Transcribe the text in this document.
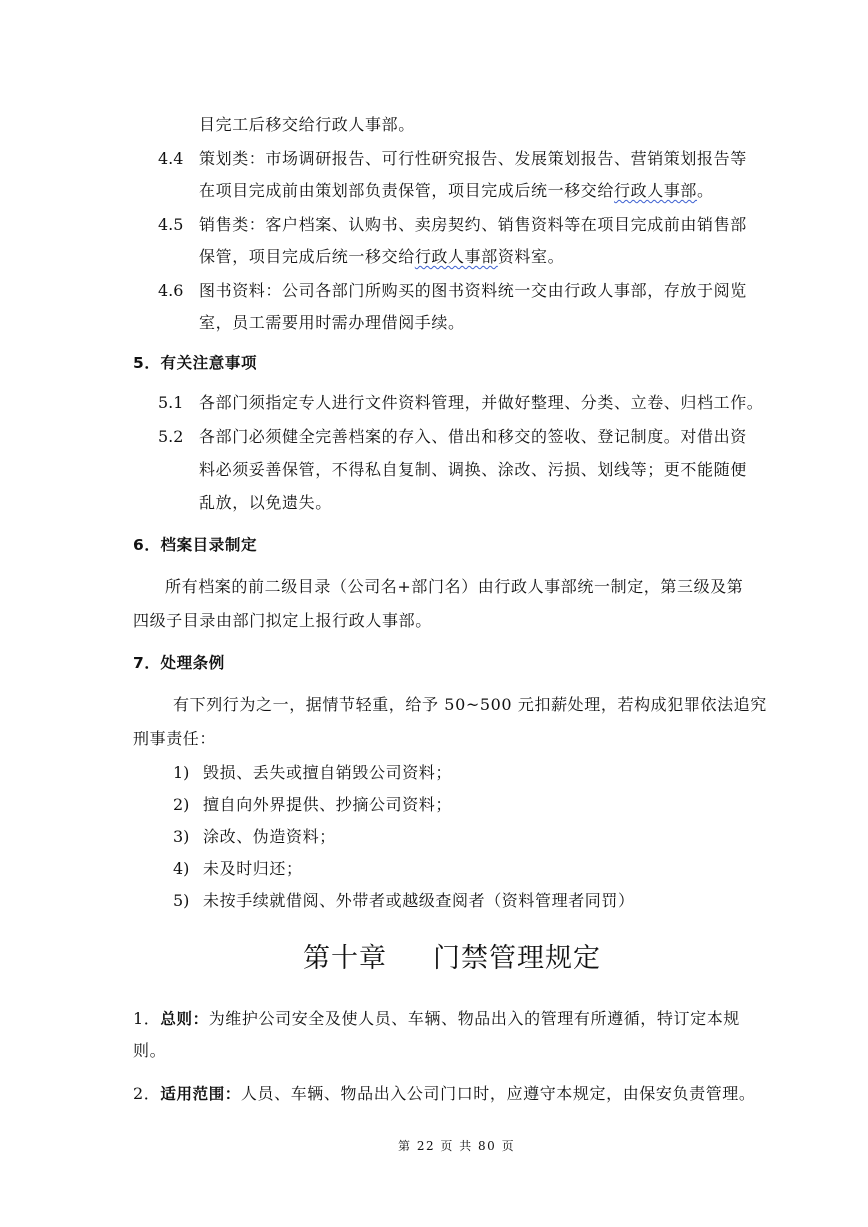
目完工后移交给行政人事部。
4.4 策划类：市场调研报告、可行性研究报告、发展策划报告、营销策划报告等
在项目完成前由策划部负责保管，项目完成后统一移交给行政人事部。
4.5 销售类：客户档案、认购书、卖房契约、销售资料等在项目完成前由销售部
保管，项目完成后统一移交给行政人事部资料室。
4.6 图书资料：公司各部门所购买的图书资料统一交由行政人事部，存放于阅览
室，员工需要用时需办理借阅手续。
5．有关注意事项
5.1 各部门须指定专人进行文件资料管理，并做好整理、分类、立卷、归档工作。
5.2 各部门必须健全完善档案的存入、借出和移交的签收、登记制度。对借出资
料必须妥善保管，不得私自复制、调换、涂改、污损、划线等；更不能随便
乱放，以免遗失。
6．档案目录制定
所有档案的前二级目录（公司名+部门名）由行政人事部统一制定，第三级及第
四级子目录由部门拟定上报行政人事部。
7．处理条例
有下列行为之一，据情节轻重，给予 50~500 元扣薪处理，若构成犯罪依法追究
刑事责任：
1) 毁损、丢失或擅自销毁公司资料；
2) 擅自向外界提供、抄摘公司资料；
3) 涂改、伪造资料；
4) 未及时归还；
5) 未按手续就借阅、外带者或越级查阅者（资料管理者同罚）
第十章 门禁管理规定
1．总则：为维护公司安全及使人员、车辆、物品出入的管理有所遵循，特订定本规
则。
2．适用范围：人员、车辆、物品出入公司门口时，应遵守本规定，由保安负责管理。
第 22 页 共 80 页
